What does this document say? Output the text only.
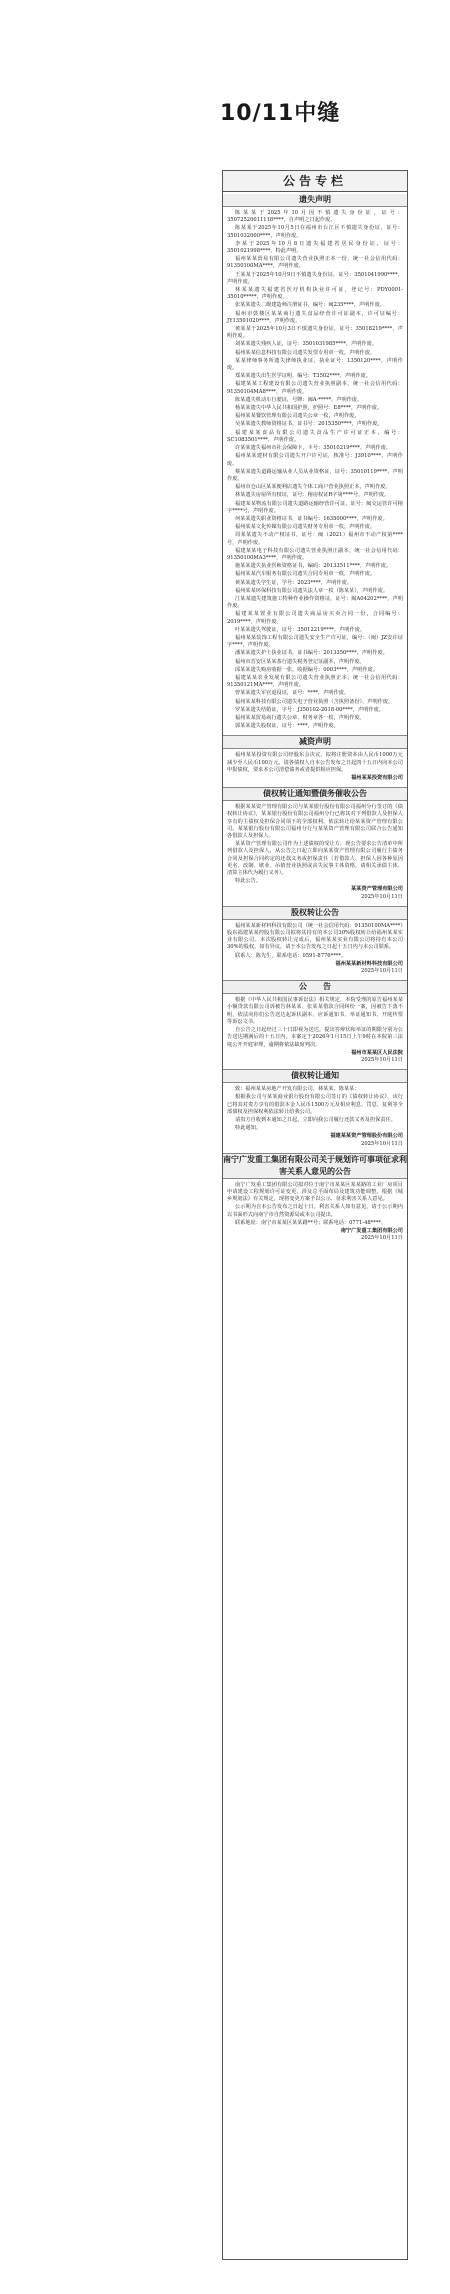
10/11中缝
公告专栏
遗失声明
陈某某于2025年10月因不慎遗失身份证，证号：35072520011118****，自声明之日起作废。
陈某某于2025年10月5日在福州市台江区不慎遗失身份证，证号：3501032000****，声明作废。
李某于2025年10月8日遗失福建省居民身份证，证号：3501021998****，特此声明。
福州某某贸易有限公司遗失营业执照正本一份，统一社会信用代码：91350100MA****，声明作废。
王某某于2025年10月9日不慎遗失身份证，证号：3501041990****，声明作废。
林某某遗失福建省医疗机构执业许可证，登记号：PDY0001-35010*****，声明作废。
张某某遗失二级建造师注册证书，编号：闽235****，声明作废。
福州市鼓楼区某某商行遗失食品经营许可证副本，许可证编号：JY13501020****，声明作废。
黄某某于2025年10月3日不慎遗失身份证，证号：35018219****，声明作废。
刘某某遗失残疾人证，证号：3501031985****，声明作废。
福州某某信息科技有限公司遗失发票专用章一枚，声明作废。
某某律师事务所遗失律师执业证，执业证号：1350120****，声明作废。
郑某某遗失出生医学证明，编号：T3502****，声明作废。
福建某某工程建设有限公司遗失营业执照副本，统一社会信用代码：91350104MA8****，声明作废。
陈某遗失机动车行驶证，号牌：闽A·*****，声明作废。
杨某某遗失中华人民共和国护照，护照号：E8****，声明作废。
福州某某餐饮管理有限公司遗失公章一枚，声明作废。
吴某某遗失教师资格证书，证书号：2015350****，声明作废。
福建某某食品有限公司遗失食品生产许可证正本，编号：SC1083501****，声明作废。
许某某遗失福州市社会保障卡，卡号：35010219****，声明作废。
福州某某建材有限公司遗失开户许可证，核准号：J3910****，声明作废。
蔡某某遗失道路运输从业人员从业资格证，证号：35010119****，声明作废。
福州市仓山区某某便利店遗失个体工商户营业执照正本，声明作废。
林某遗失房屋所有权证，证号：榕房权证R字第****号，声明作废。
福建某某物流有限公司遗失道路运输经营许可证，证号：闽交运管许可榕字****号，声明作废。
何某某遗失职业资格证书，证书编号：1635000****，声明作废。
福州某某文化传媒有限公司遗失财务专用章一枚，声明作废。
周某某遗失不动产权证书，证号：闽（2021）福州市不动产权第****号，声明作废。
福建某某电子科技有限公司遗失营业执照正副本，统一社会信用代码：91350100MA3****，声明作废。
施某某遗失执业医师资格证书，编码：20133511****，声明作废。
福州某某汽车服务有限公司遗失合同专用章一枚，声明作废。
黄某某遗失学生证，学号：2023****，声明作废。
福州某某环保科技有限公司遗失法人章一枚（陈某某），声明作废。
江某某遗失建筑施工特种作业操作资格证，证号：闽A04202****，声明作废。
福建某某置业有限公司遗失商品房买卖合同一份，合同编号：2019****，声明作废。
叶某某遗失驾驶证，证号：35012219****，声明作废。
福州某某装饰工程有限公司遗失安全生产许可证，编号：（闽）JZ安许证字****，声明作废。
潘某某遗失护士执业证书，证书编号：2013350****，声明作废。
福州市晋安区某某茶行遗失税务登记证副本，声明作废。
邱某某遗失购房收据一张，收据编号：0003****，声明作废。
福建某某农业发展有限公司遗失营业执照正本，统一社会信用代码：91350121MA****，声明作废。
曾某某遗失军官退役证，证号：****，声明作废。
福州某某科技有限公司遗失电子营业执照（含执照备份），声明作废。
罗某某遗失结婚证，字号：J350102-2018-00****，声明作废。
福州某某贸易商行遗失公章、财务章各一枚，声明作废。
郭某某遗失股权证，证号：****，声明作废。
减资声明
福州某某投资有限公司经股东会决议，拟将注册资本由人民币1000万元减少至人民币100万元。请各债权人自本公告发布之日起四十五日内向本公司申报债权，要求本公司清偿债务或者提供相应担保。
福州某某投资有限公司
债权转让通知暨债务催收公告
根据某某资产管理有限公司与某某银行股份有限公司福州分行签订的《债权转让协议》，某某银行股份有限公司福州分行已将其对下列借款人及担保人享有的主债权及担保合同项下的全部权利，依法转让给某某资产管理有限公司。某某银行股份有限公司福州分行与某某资产管理有限公司联合公告通知各借款人及担保人。
某某资产管理有限公司作为上述债权的受让方，现公告要求公告清单中所列借款人及担保人，从公告之日起立即向某某资产管理有限公司履行主债务合同及担保合同约定的还款义务或担保责任（若借款人、担保人因各种原因更名、改制、歇业、吊销营业执照或丧失民事主体资格，请相关承债主体、清算主体代为履行义务）。
特此公告。
某某资产管理有限公司
2025年10月11日
股权转让公告
福州某某新材料科技有限公司（统一社会信用代码：91350100MA****）股东福建某某控股有限公司拟将其持有的本公司30%股权转让给福州某某实业有限公司。本次股权转让完成后，福州某某实业有限公司将持有本公司30%的股权。如有异议，请于本公告发布之日起十五日内与本公司联系。
联系人：陈先生，联系电话：0591-8776****。
福州某某新材料科技有限公司
2025年10月11日
公　　告
根据《中华人民共和国民事诉讼法》相关规定，本院受理的原告福州某某小额贷款有限公司诉被告林某某、张某某借款合同纠纷一案，因被告下落不明，依法向你们公告送达起诉状副本、应诉通知书、举证通知书、开庭传票等诉讼文书。
自公告之日起经过三十日即视为送达。提出答辩状和举证的期限分别为公告送达期满后的十五日内。本案定于2026年1月15日上午9时在本院第三法庭公开开庭审理，逾期将依法缺席判决。
福州市某某区人民法院
2025年10月11日
债权转让通知
致：福州某某房地产开发有限公司、林某某、陈某某：
根据我公司与某某商业银行股份有限公司签订的《债权转让协议》，该行已将其对贵方享有的借款本金人民币1500万元及相应利息、罚息、复利等全部债权及担保权利依法转让给我公司。
请贵方自收到本通知之日起，立即向我公司履行还款义务及担保责任。
特此通知。
福建某某资产管理股份有限公司
2025年10月11日
南宁广发重工集团有限公司关于规划许可事项征求利害关系人意见的公告
南宁广发重工集团有限公司拟对位于南宁市某某区某某路的工业厂房项目申请建设工程规划许可证变更，涉及总平面布局及建筑功能调整。根据《城乡规划法》有关规定，现将变更方案予以公示，征求利害关系人意见。
公示期为自本公告发布之日起十日。利害关系人如有意见，请于公示期内以书面形式向南宁市自然资源局或本公司提出。
联系地址：南宁市某某区某某路**号；联系电话：0771-48****。
南宁广发重工集团有限公司
2025年10月11日
